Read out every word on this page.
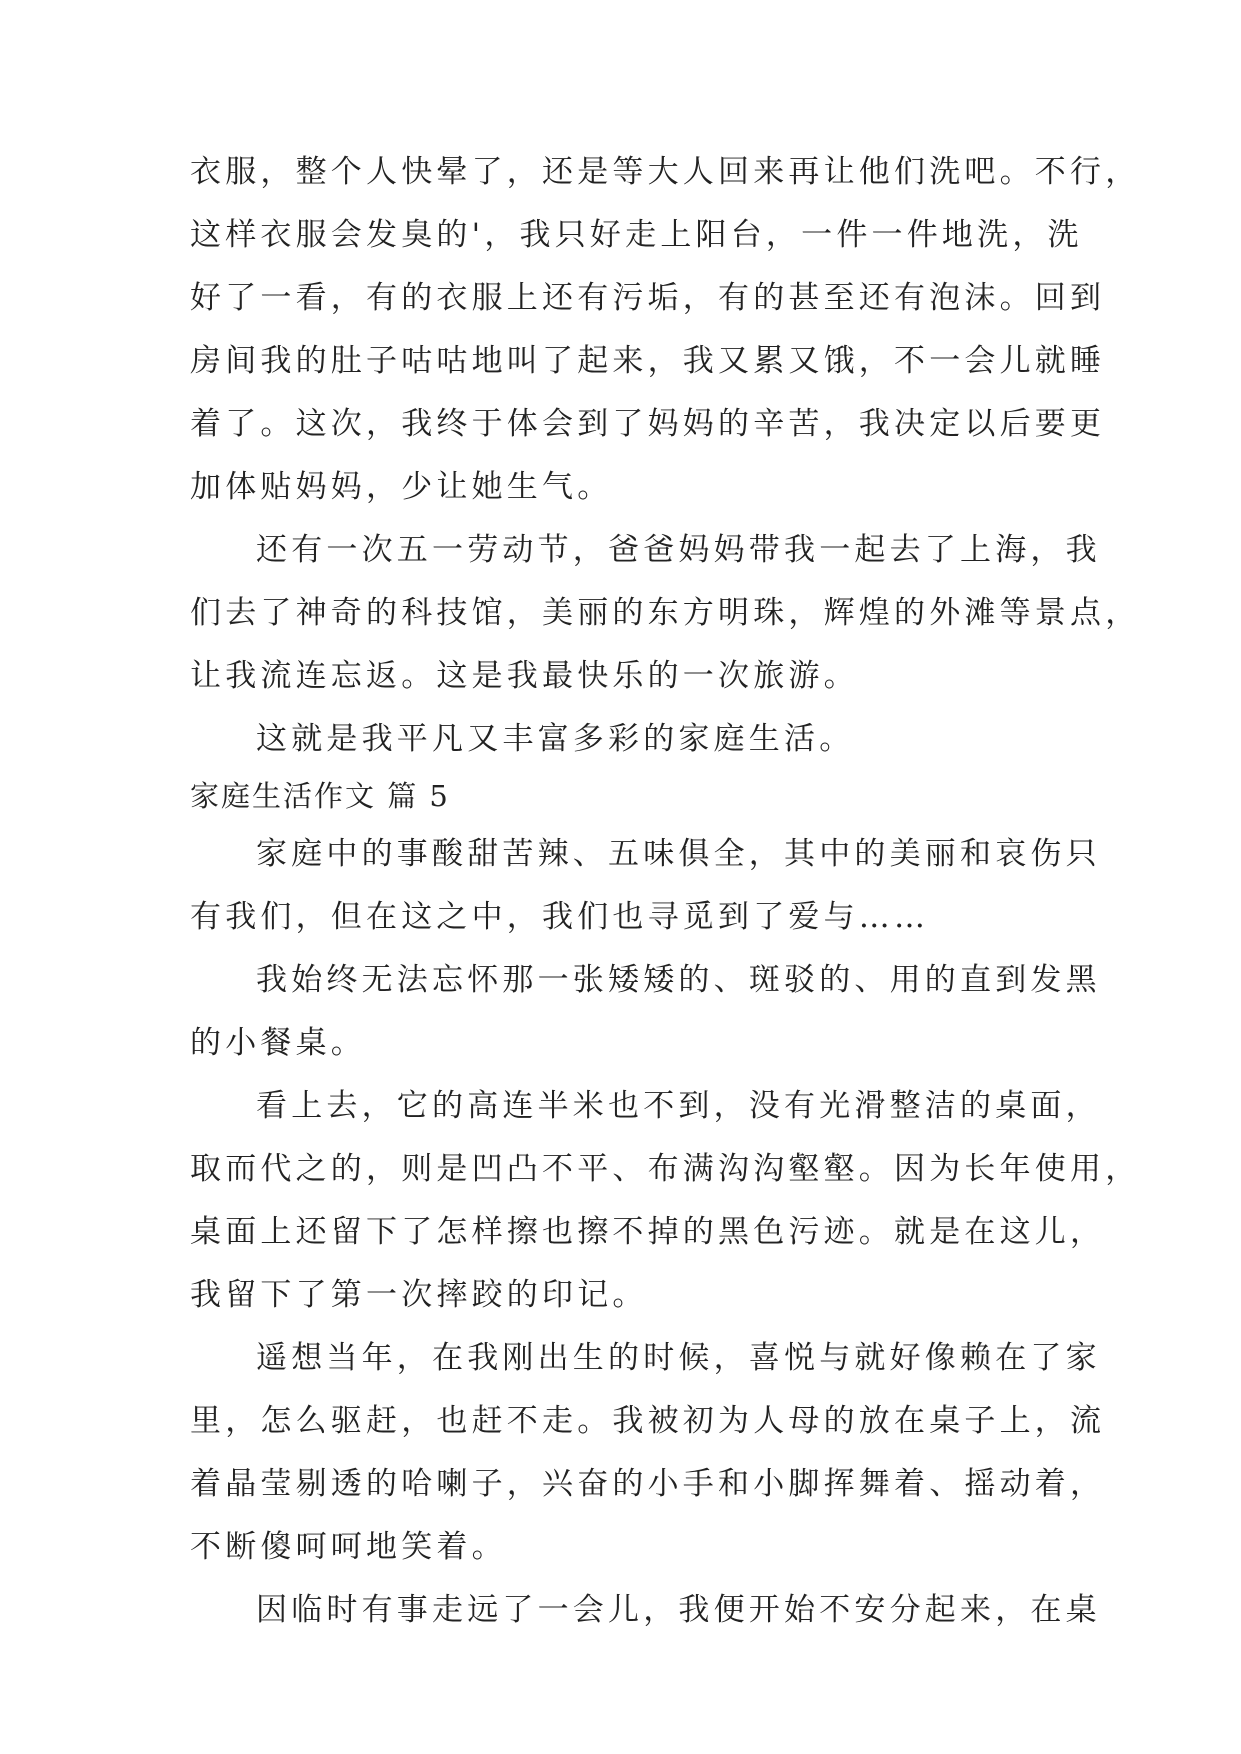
衣服，整个人快晕了，还是等大人回来再让他们洗吧。不行，
这样衣服会发臭的'，我只好走上阳台，一件一件地洗，洗
好了一看，有的衣服上还有污垢，有的甚至还有泡沫。回到
房间我的肚子咕咕地叫了起来，我又累又饿，不一会儿就睡
着了。这次，我终于体会到了妈妈的辛苦，我决定以后要更
加体贴妈妈，少让她生气。
还有一次五一劳动节，爸爸妈妈带我一起去了上海，我
们去了神奇的科技馆，美丽的东方明珠，辉煌的外滩等景点，
让我流连忘返。这是我最快乐的一次旅游。
这就是我平凡又丰富多彩的家庭生活。
家庭生活作文 篇 5
家庭中的事酸甜苦辣、五味俱全，其中的美丽和哀伤只
有我们，但在这之中，我们也寻觅到了爱与……
我始终无法忘怀那一张矮矮的、斑驳的、用的直到发黑
的小餐桌。
看上去，它的高连半米也不到，没有光滑整洁的桌面，
取而代之的，则是凹凸不平、布满沟沟壑壑。因为长年使用，
桌面上还留下了怎样擦也擦不掉的黑色污迹。就是在这儿，
我留下了第一次摔跤的印记。
遥想当年，在我刚出生的时候，喜悦与就好像赖在了家
里，怎么驱赶，也赶不走。我被初为人母的放在桌子上，流
着晶莹剔透的哈喇子，兴奋的小手和小脚挥舞着、摇动着，
不断傻呵呵地笑着。
因临时有事走远了一会儿，我便开始不安分起来，在桌
